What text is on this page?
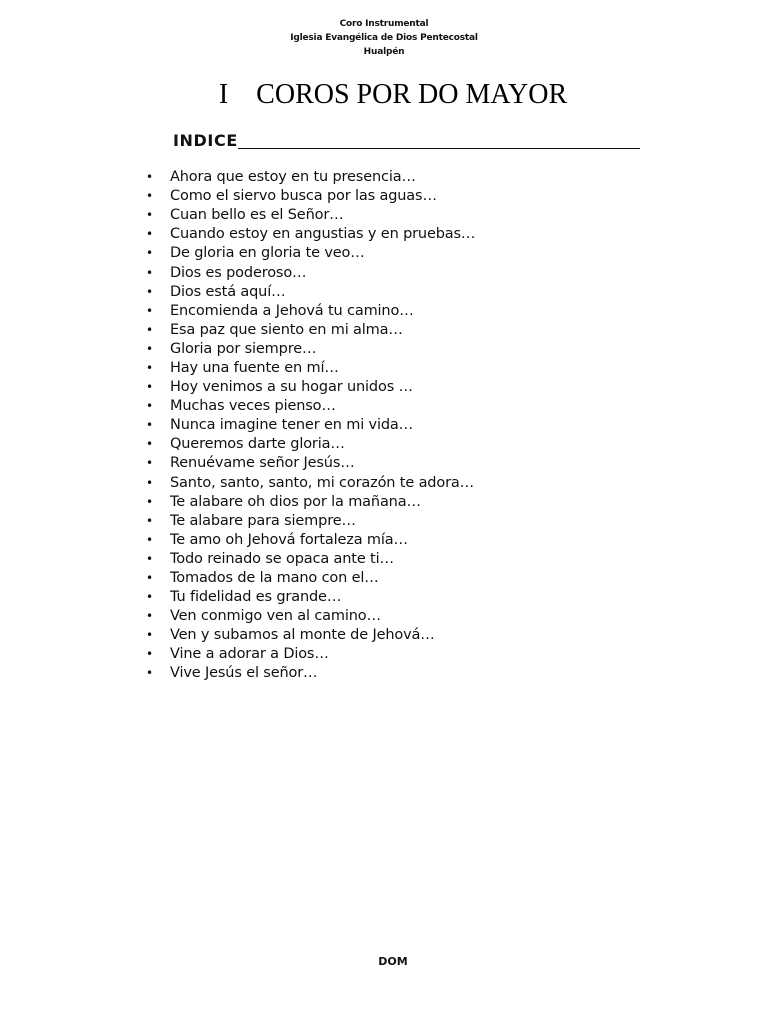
Coro Instrumental
Iglesia Evangélica de Dios Pentecostal
Hualpén
I    COROS POR DO MAYOR
INDICE
•	Ahora que estoy en tu presencia…
•	Como el siervo busca por las aguas…
•	Cuan bello es el Señor…
•	Cuando estoy en angustias y en pruebas…
•	De gloria en gloria te veo…
•	Dios es poderoso…
•	Dios está aquí…
•	Encomienda a Jehová tu camino…
•	Esa paz que siento en mi alma…
•	Gloria por siempre…
•	Hay una fuente en mí…
•	Hoy venimos a su hogar unidos …
•	Muchas veces pienso…
•	Nunca imagine tener en mi vida…
•	Queremos darte gloria…
•	Renuévame señor Jesús…
•	Santo, santo, santo, mi corazón te adora…
•	Te alabare oh dios por la mañana…
•	Te alabare para siempre…
•	Te amo oh Jehová fortaleza mía…
•	Todo reinado se opaca ante ti…
•	Tomados de la mano con el…
•	Tu fidelidad es grande…
•	Ven conmigo ven al camino…
•	Ven y subamos al monte de Jehová…
•	Vine a adorar a Dios…
•	Vive Jesús el señor…
DOM
